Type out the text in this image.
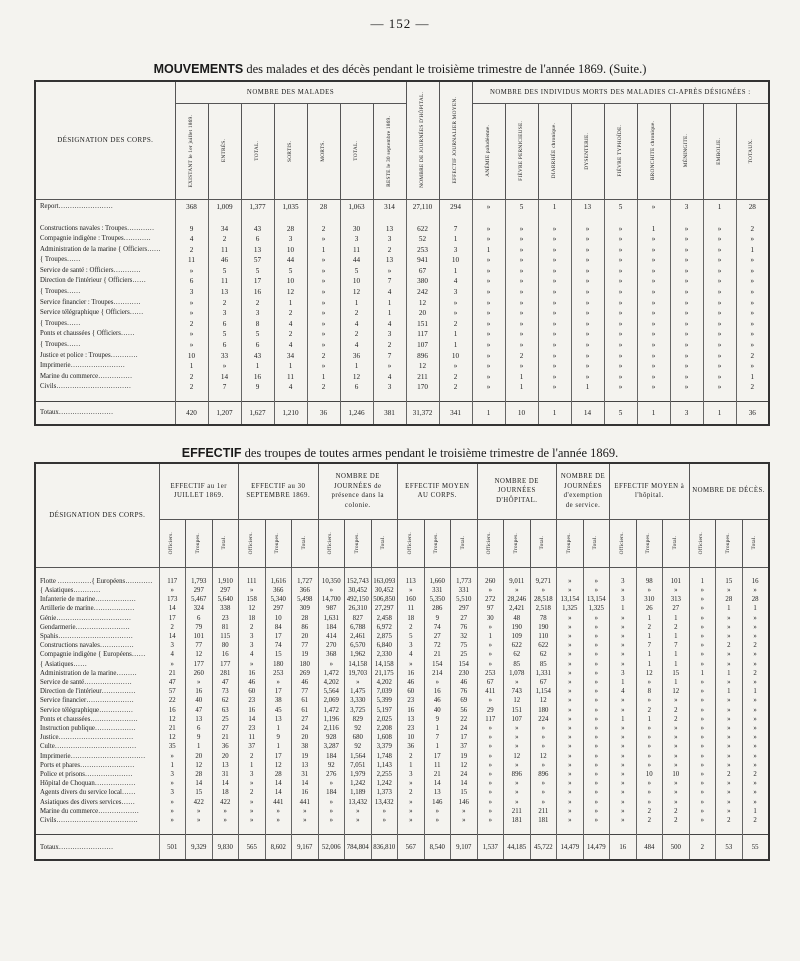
— 152 —
MOUVEMENTS des malades et des décès pendant le troisième trimestre de l'année 1869. (Suite.)
DÉSIGNATION DES CORPS.	NOMBRE DES MALADES							NOMBRE DE JOURNÉES D'HÔPITAL.	EFFECTIF JOURNALIER MOYEN.	NOMBRE DES INDIVIDUS MORTS DES MALADIES CI-APRÈS DÉSIGNÉES :								

	EXISTANT le 1er juillet 1869.	ENTRÉS.	TOTAL.	SORTIS.	MORTS.	TOTAL.	RESTE le 30 septembre 1869.			ANÉMIE paludéenne.	FIÈVRE PERNICIEUSE.	DIARRHÉE chronique.	DYSENTERIE.	FIÈVRE TYPHOÏDE.	BRONCHITE chronique.	MÉNINGITE.	EMBOLIE.	TOTAUX.

Report……………………	368	1,009	1,377	1,035	28	1,063	314	27,110	294	»	5	1	13	5	»	3	1	28

Constructions navales : Troupes…………	9	34	43	28	2	30	13	622	7	»	»	»	»	»	1	»	»	2
Compagnie indigène : Troupes…………	4	2	6	3	»	3	3	52	1	»	»	»	»	»	»	»	»	»
Administration de la marine { Officiers……	2	11	13	10	1	11	2	253	3	1	»	»	»	»	»	»	»	1
{ Troupes……	11	46	57	44	»	44	13	941	10	»	»	»	»	»	»	»	»	»
Service de santé : Officiers…………	»	5	5	5	»	5	»	67	1	»	»	»	»	»	»	»	»	»
Direction de l'intérieur { Officiers……	6	11	17	10	»	10	7	380	4	»	»	»	»	»	»	»	»	»
{ Troupes……	3	13	16	12	»	12	4	242	3	»	»	»	»	»	»	»	»	»
Service financier : Troupes…………	»	2	2	1	»	1	1	12	»	»	»	»	»	»	»	»	»	»
Service télégraphique { Officiers……	»	3	3	2	»	2	1	20	»	»	»	»	»	»	»	»	»	»
{ Troupes……	2	6	8	4	»	4	4	151	2	»	»	»	»	»	»	»	»	»
Ponts et chaussées { Officiers……	»	5	5	2	»	2	3	117	1	»	»	»	»	»	»	»	»	»
{ Troupes……	»	6	6	4	»	4	2	107	1	»	»	»	»	»	»	»	»	»
Justice et police : Troupes…………	10	33	43	34	2	36	7	896	10	»	2	»	»	»	»	»	»	2
Imprimerie……………………	1	»	1	1	»	1	»	12	»	»	»	»	»	»	»	»	»	»
Marine du commerce……………	2	14	16	11	1	12	4	211	2	»	1	»	»	»	»	»	»	1
Civils……………………………	2	7	9	4	2	6	3	170	2	»	1	»	1	»	»	»	»	2

Totaux……………………	420	1,207	1,627	1,210	36	1,246	381	31,372	341	1	10	1	14	5	1	3	1	36
EFFECTIF des troupes de toutes armes pendant le troisième trimestre de l'année 1869.
DÉSIGNATION DES CORPS.	EFFECTIF au 1er JUILLET 1869.			EFFECTIF au 30 SEPTEMBRE 1869.			NOMBRE DE JOURNÉES de présence dans la colonie.			EFFECTIF MOYEN AU CORPS.			NOMBRE DE JOURNÉES D'HÔPITAL.			NOMBRE DE JOURNÉES d'exemption de service.		EFFECTIF MOYEN à l'hôpital.			NOMBRE DE DÉCÈS.		

	Officiers.	Troupes.	Total.	Officiers.	Troupes.	Total.	Officiers.	Troupes.	Total.	Officiers.	Troupes.	Total.	Officiers.	Troupes.	Total.	Troupes.	Total.	Officiers.	Troupes.	Total.	Officiers.	Troupes.	Total.

Flotte ……………{ Européens…………	117	1,793	1,910	111	1,616	1,727	10,350	152,743	163,093	113	1,660	1,773	260	9,011	9,271	»	»	3	98	101	1	15	16
{ Asiatiques…………	»	297	297	»	366	366	»	30,452	30,452	»	331	331	»	»	»	»	»	»	»	»	»	»	»
Infanterie de marine………………	173	5,467	5,640	158	5,340	5,498	14,700	492,150	506,850	160	5,350	5,510	272	28,246	28,518	13,154	13,154	3	310	313	»	28	28
Artillerie de marine………………	14	324	338	12	297	309	987	26,310	27,297	11	286	297	97	2,421	2,518	1,325	1,325	1	26	27	»	1	1
Génie……………………………	17	6	23	18	10	28	1,631	827	2,458	18	9	27	30	48	78	»	»	»	1	1	»	»	»
Gendarmerie……………………	2	79	81	2	84	86	184	6,788	6,972	2	74	76	»	190	190	»	»	»	2	2	»	»	»
Spahis……………………………	14	101	115	3	17	20	414	2,461	2,875	5	27	32	1	109	110	»	»	»	1	1	»	»	»
Constructions navales……………	3	77	80	3	74	77	270	6,570	6,840	3	72	75	»	622	622	»	»	»	7	7	»	2	2
Compagnie indigène { Européens……	4	12	16	4	15	19	368	1,962	2,330	4	21	25	»	62	62	»	»	»	1	1	»	»	»
{ Asiatiques……	»	177	177	»	180	180	»	14,158	14,158	»	154	154	»	85	85	»	»	»	1	1	»	»	»
Administration de la marine………	21	260	281	16	253	269	1,472	19,703	21,175	16	214	230	253	1,078	1,331	»	»	3	12	15	1	1	2
Service de santé…………………	47	»	47	46	»	46	4,202	»	4,202	46	»	46	67	»	67	»	»	1	»	1	»	»	»
Direction de l'intérieur……………	57	16	73	60	17	77	5,564	1,475	7,039	60	16	76	411	743	1,154	»	»	4	8	12	»	1	1
Service financier…………………	22	40	62	23	38	61	2,069	3,330	5,399	23	46	69	»	12	12	»	»	»	»	»	»	»	»
Service télégraphique……………	16	47	63	16	45	61	1,472	3,725	5,197	16	40	56	29	151	180	»	»	»	2	2	»	»	»
Ponts et chaussées…………………	12	13	25	14	13	27	1,196	829	2,025	13	9	22	117	107	224	»	»	1	1	2	»	»	»
Instruction publique………………	21	6	27	23	1	24	2,116	92	2,208	23	1	24	»	»	»	»	»	»	»	»	»	»	»
Justice……………………………	12	9	21	11	9	20	928	680	1,608	10	7	17	»	»	»	»	»	»	»	»	»	»	»
Culte………………………………	35	1	36	37	1	38	3,287	92	3,379	36	1	37	»	»	»	»	»	»	»	»	»	»	»
Imprimerie……………………………	»	20	20	2	17	19	184	1,564	1,748	2	17	19	»	12	12	»	»	»	»	»	»	»	»
Ports et phares……………………	1	12	13	1	12	13	92	7,051	1,143	1	11	12	»	»	»	»	»	»	»	»	»	»	»
Police et prisons…………………	3	28	31	3	28	31	276	1,979	2,255	3	21	24	»	896	896	»	»	»	10	10	»	2	2
Hôpital de Choquan………………	»	14	14	»	14	14	»	1,242	1,242	»	14	14	»	»	»	»	»	»	»	»	»	»	»
Agents divers du service local……	3	15	18	2	14	16	184	1,189	1,373	2	13	15	»	»	»	»	»	»	»	»	»	»	»
Asiatiques des divers services……	»	422	422	»	441	441	»	13,432	13,432	»	146	146	»	»	»	»	»	»	»	»	»	»	»
Marine du commerce………………	»	»	»	»	»	»	»	»	»	»	»	»	»	211	211	»	»	»	2	2	»	»	1
Civils………………………………	»	»	»	»	»	»	»	»	»	»	»	»	»	181	181	»	»	»	2	2	»	2	2

Totaux……………………	501	9,329	9,830	565	8,602	9,167	52,006	784,804	836,810	567	8,540	9,107	1,537	44,185	45,722	14,479	14,479	16	484	500	2	53	55
